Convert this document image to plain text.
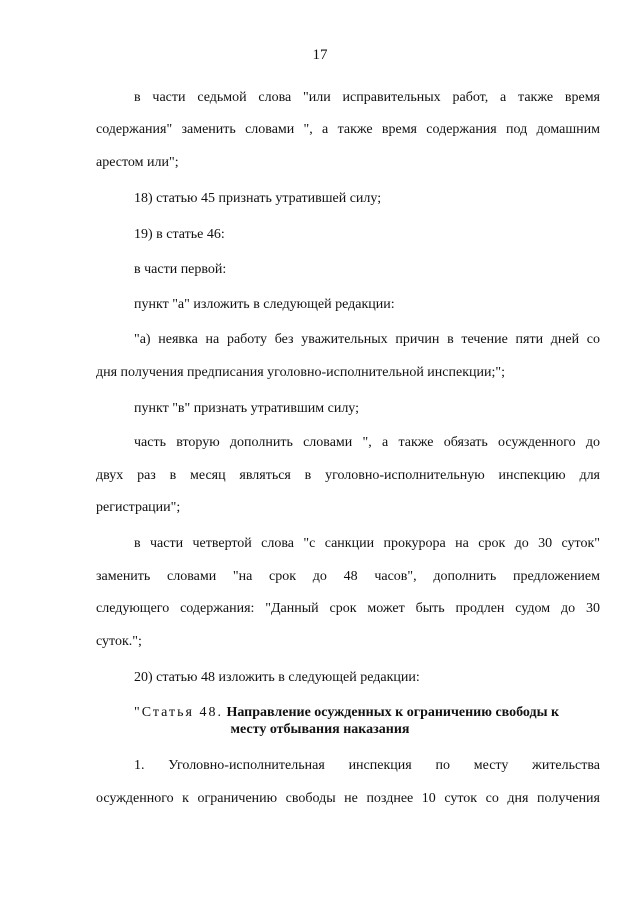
17
в части седьмой слова "или исправительных работ, а также время
содержания" заменить словами ", а также время содержания под домашним
арестом или";
18) статью 45 признать утратившей силу;
19) в статье 46:
в части первой:
пункт "а" изложить в следующей редакции:
"а) неявка на работу без уважительных причин в течение пяти дней со
дня получения предписания уголовно-исполнительной инспекции;";
пункт "в" признать утратившим силу;
часть вторую дополнить словами ", а также обязать осужденного до
двух раз в месяц являться в уголовно-исполнительную инспекцию для
регистрации";
в части четвертой слова "с санкции прокурора на срок до 30 суток"
заменить словами "на срок до 48 часов", дополнить предложением
следующего содержания: "Данный срок может быть продлен судом до 30
суток.";
20) статью 48 изложить в следующей редакции:
"Статья 48. Направление осужденных к ограничению свободы к
месту отбывания наказания
1. Уголовно-исполнительная инспекция по месту жительства
осужденного к ограничению свободы не позднее 10 суток со дня получения
